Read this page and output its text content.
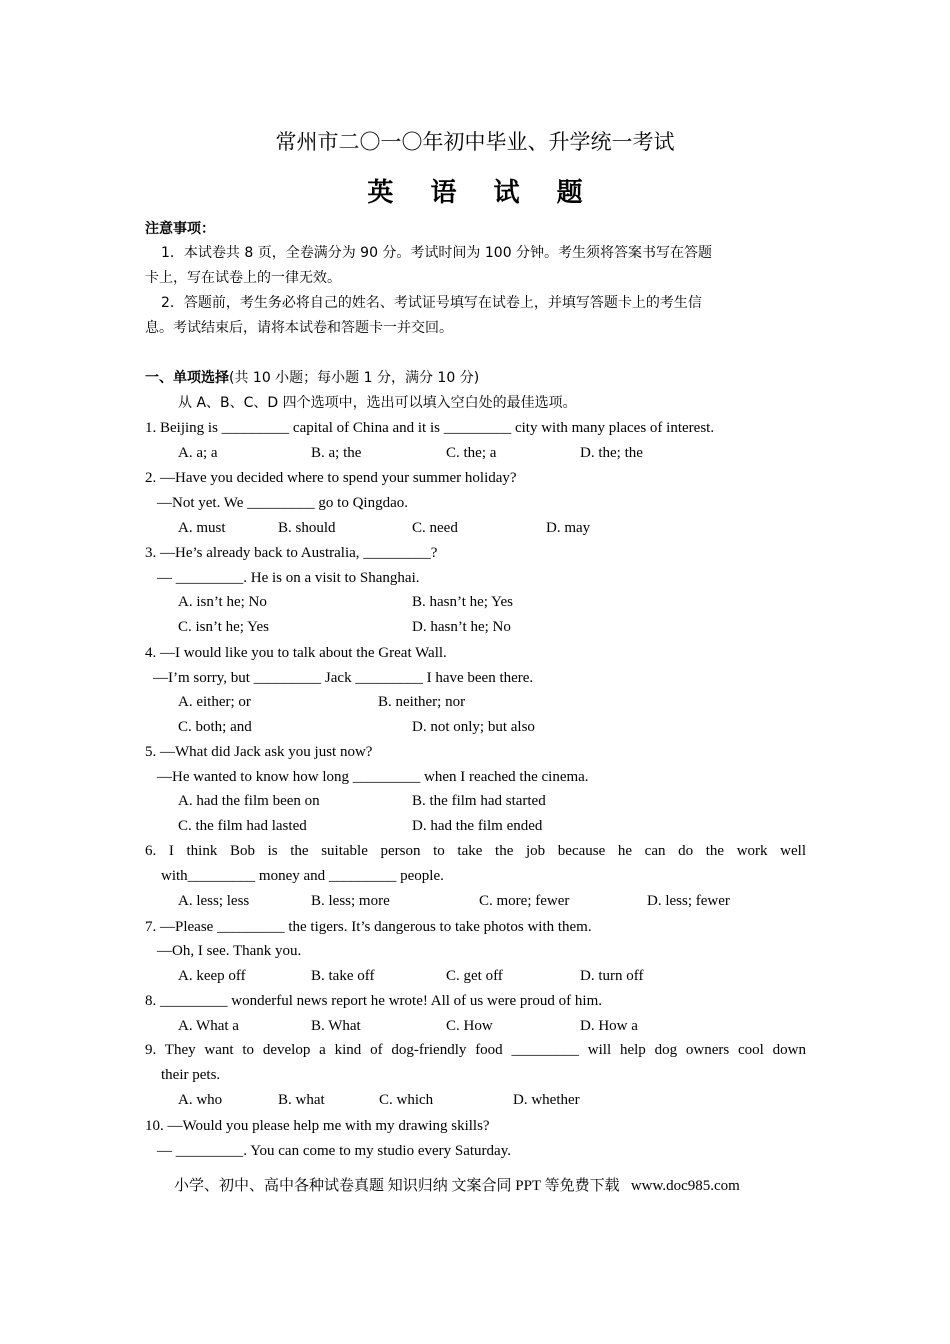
常州市二〇一〇年初中毕业、升学统一考试
英 语 试 题
注意事项：
1．本试卷共 8 页，全卷满分为 90 分。考试时间为 100 分钟。考生须将答案书写在答题
卡上，写在试卷上的一律无效。
2．答题前，考生务必将自己的姓名、考试证号填写在试卷上，并填写答题卡上的考生信
息。考试结束后，请将本试卷和答题卡一并交回。
一、单项选择(共 10 小题；每小题 1 分，满分 10 分)
从 A、B、C、D 四个选项中，选出可以填入空白处的最佳选项。
1. Beijing is _________ capital of China and it is _________ city with many places of interest.
A. a; a	B. a; the	C. the; a	D. the; the
2. —Have you decided where to spend your summer holiday?
—Not yet. We _________ go to Qingdao.
A. must	B. should	C. need	D. may
3. —He’s already back to Australia, _________?
— _________. He is on a visit to Shanghai.
A. isn’t he; No	B. hasn’t he; Yes
C. isn’t he; Yes	D. hasn’t he; No
4. —I would like you to talk about the Great Wall.
—I’m sorry, but _________ Jack _________ I have been there.
A. either; or	B. neither; nor
C. both; and	D. not only; but also
5. —What did Jack ask you just now?
—He wanted to know how long _________ when I reached the cinema.
A. had the film been on	B. the film had started
C. the film had lasted	D. had the film ended
6. I think Bob is the suitable person to take the job because he can do the work well
with_________ money and _________ people.
A. less; less	B. less; more	C. more; fewer	D. less; fewer
7. —Please _________ the tigers. It’s dangerous to take photos with them.
—Oh, I see. Thank you.
A. keep off	B. take off	C. get off	D. turn off
8. _________ wonderful news report he wrote! All of us were proud of him.
A. What a	B. What	C. How	D. How a
9. They want to develop a kind of dog-friendly food _________ will help dog owners cool down
their pets.
A. who	B. what	C. which	D. whether
10. —Would you please help me with my drawing skills?
— _________. You can come to my studio every Saturday.
小学、初中、高中各种试卷真题 知识归纳 文案合同 PPT 等免费下载   www.doc985.com
